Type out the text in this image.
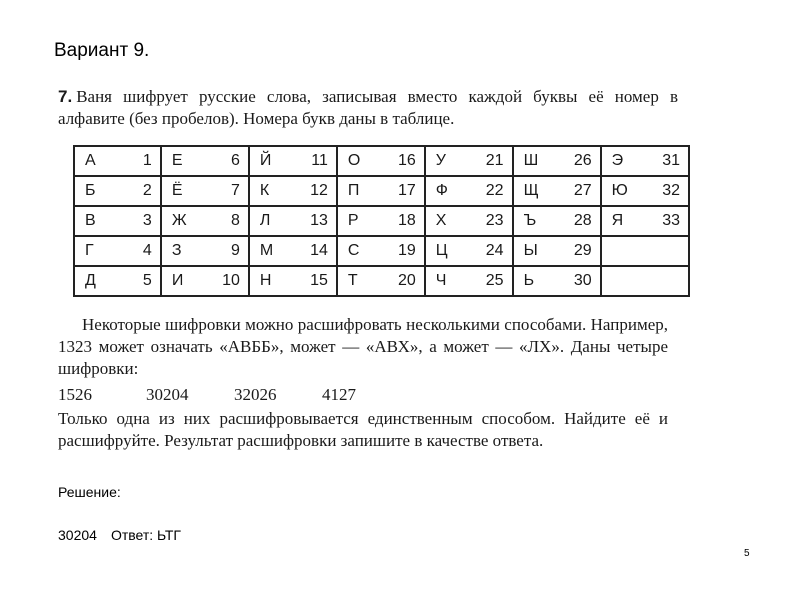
Вариант 9.
7. Ваня шифрует русские слова, записывая вместо каждой буквы её номер в алфавите (без пробелов). Номера букв даны в таблице.
А	1	Е	6	Й	11	О	16	У	21	Ш	26	Э	31
Б	2	Ё	7	К	12	П	17	Ф	22	Щ	27	Ю	32
В	3	Ж	8	Л	13	Р	18	Х	23	Ъ	28	Я	33
Г	4	З	9	М	14	С	19	Ц	24	Ы	29		
Д	5	И	10	Н	15	Т	20	Ч	25	Ь	30		
Некоторые шифровки можно расшифровать несколькими способами. Например, 1323 может означать «АВББ», может — «АВХ», а может — «ЛХ». Даны четыре шифровки:
1526	30204	32026	4127
Только одна из них расшифровывается единственным способом. Найдите её и расшифруйте. Результат расшифровки запишите в качестве ответа.
Решение:
30204 Ответ: ЬТГ
5
